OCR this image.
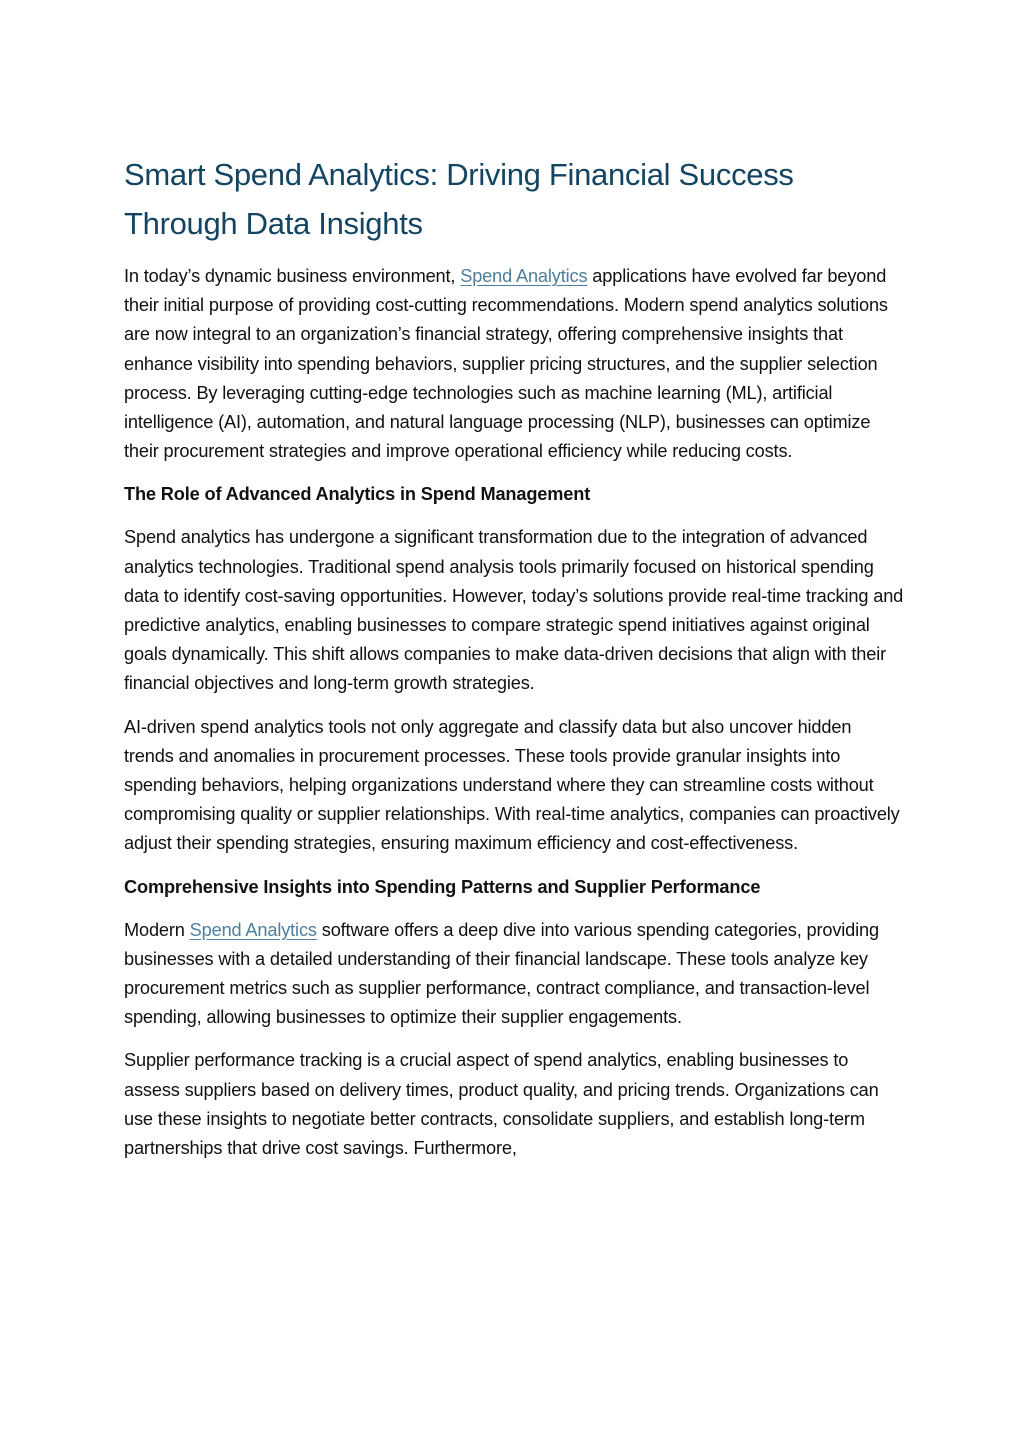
Smart Spend Analytics: Driving Financial Success Through Data Insights

In today’s dynamic business environment, Spend Analytics applications have evolved far beyond their initial purpose of providing cost-cutting recommendations. Modern spend analytics solutions are now integral to an organization’s financial strategy, offering comprehensive insights that enhance visibility into spending behaviors, supplier pricing structures, and the supplier selection process. By leveraging cutting-edge technologies such as machine learning (ML), artificial intelligence (AI), automation, and natural language processing (NLP), businesses can optimize their procurement strategies and improve operational efficiency while reducing costs.

The Role of Advanced Analytics in Spend Management

Spend analytics has undergone a significant transformation due to the integration of advanced analytics technologies. Traditional spend analysis tools primarily focused on historical spending data to identify cost-saving opportunities. However, today’s solutions provide real-time tracking and predictive analytics, enabling businesses to compare strategic spend initiatives against original goals dynamically. This shift allows companies to make data-driven decisions that align with their financial objectives and long-term growth strategies.

AI-driven spend analytics tools not only aggregate and classify data but also uncover hidden trends and anomalies in procurement processes. These tools provide granular insights into spending behaviors, helping organizations understand where they can streamline costs without compromising quality or supplier relationships. With real-time analytics, companies can proactively adjust their spending strategies, ensuring maximum efficiency and cost-effectiveness.

Comprehensive Insights into Spending Patterns and Supplier Performance

Modern Spend Analytics software offers a deep dive into various spending categories, providing businesses with a detailed understanding of their financial landscape. These tools analyze key procurement metrics such as supplier performance, contract compliance, and transaction-level spending, allowing businesses to optimize their supplier engagements.

Supplier performance tracking is a crucial aspect of spend analytics, enabling businesses to assess suppliers based on delivery times, product quality, and pricing trends. Organizations can use these insights to negotiate better contracts, consolidate suppliers, and establish long-term partnerships that drive cost savings. Furthermore,
